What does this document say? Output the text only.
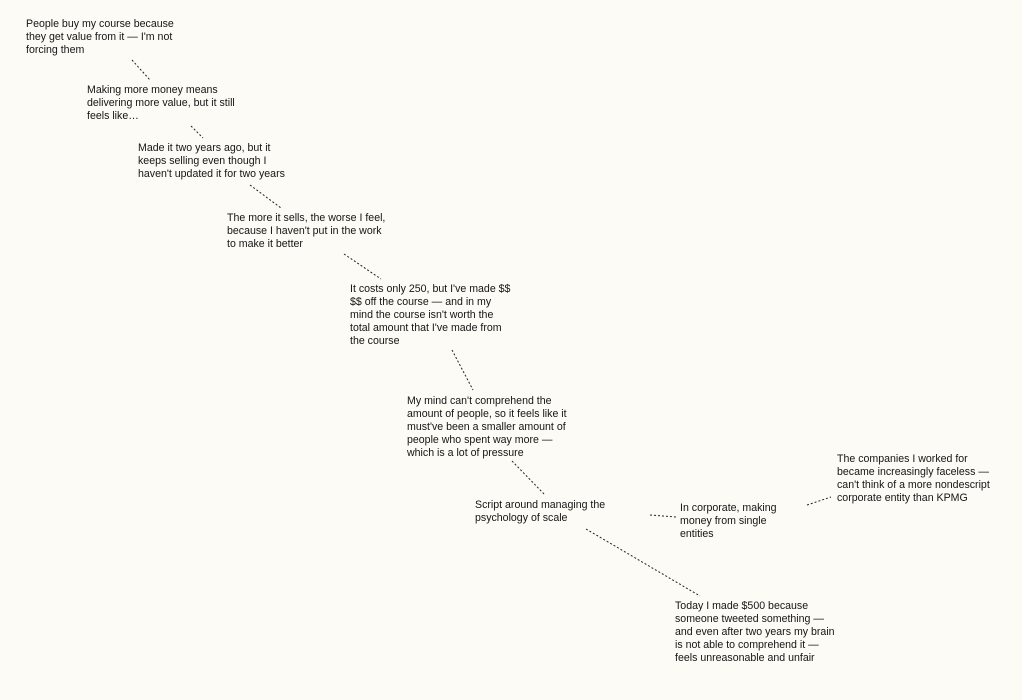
People buy my course because
they get value from it — I'm not
forcing them

Making more money means
delivering more value, but it still
feels like…

Made it two years ago, but it
keeps selling even though I
haven't updated it for two years

The more it sells, the worse I feel,
because I haven't put in the work
to make it better

It costs only 250, but I've made $$
$$ off the course — and in my
mind the course isn't worth the
total amount that I've made from
the course

My mind can't comprehend the
amount of people, so it feels like it
must've been a smaller amount of
people who spent way more —
which is a lot of pressure

Script around managing the
psychology of scale

In corporate, making
money from single
entities

The companies I worked for
became increasingly faceless —
can't think of a more nondescript
corporate entity than KPMG

Today I made $500 because
someone tweeted something —
and even after two years my brain
is not able to comprehend it —
feels unreasonable and unfair
